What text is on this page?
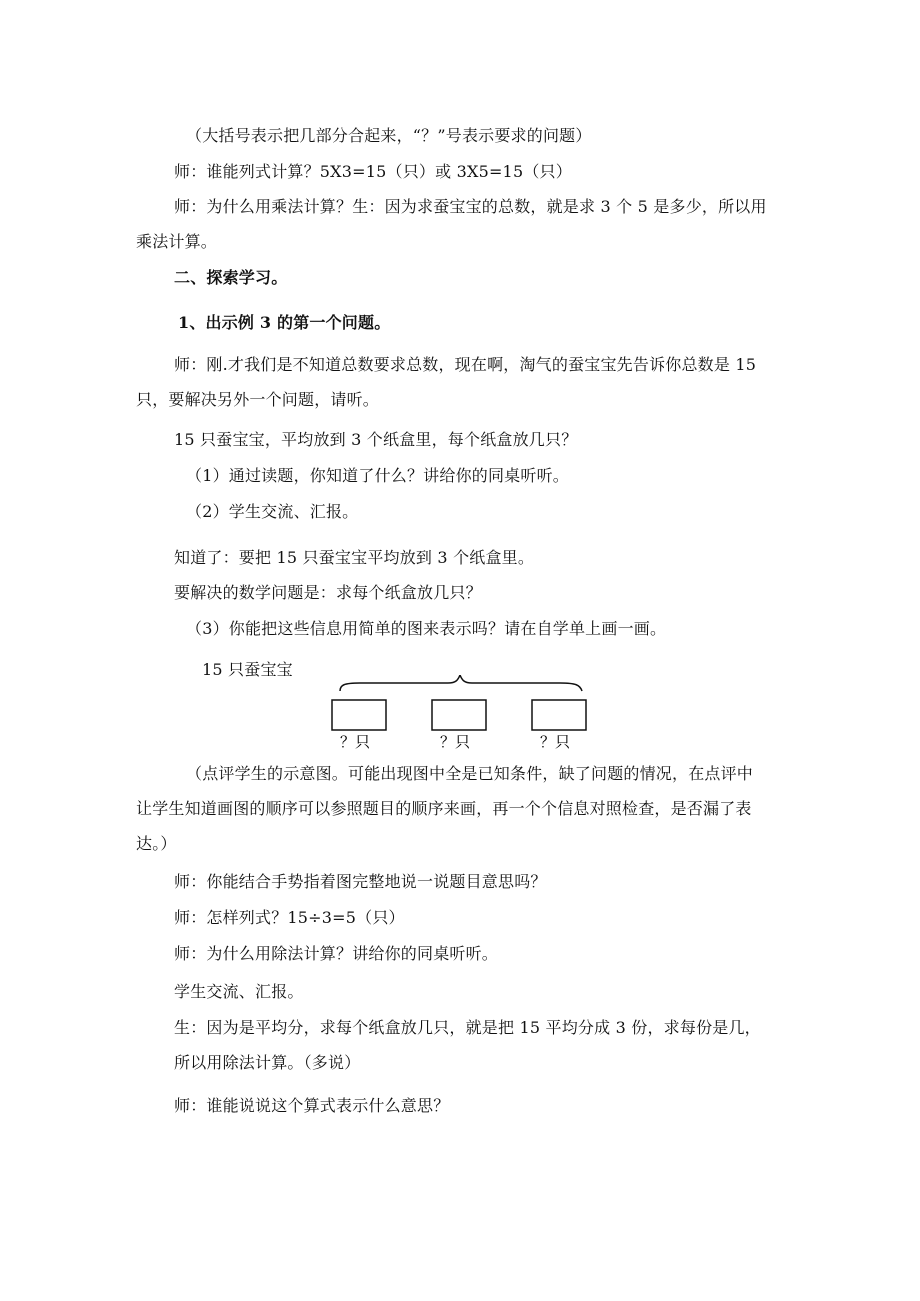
（大括号表示把几部分合起来，“？”号表示要求的问题）
师：谁能列式计算？5X3=15（只）或 3X5=15（只）
师：为什么用乘法计算？生：因为求蚕宝宝的总数，就是求 3 个 5 是多少，所以用
乘法计算。
二、探索学习。
1、出示例 3 的第一个问题。
师：刚.才我们是不知道总数要求总数，现在啊，淘气的蚕宝宝先告诉你总数是 15
只，要解决另外一个问题，请听。
15 只蚕宝宝，平均放到 3 个纸盒里，每个纸盒放几只？
（1）通过读题，你知道了什么？讲给你的同桌听听。
（2）学生交流、汇报。
知道了：要把 15 只蚕宝宝平均放到 3 个纸盒里。
要解决的数学问题是：求每个纸盒放几只？
（3）你能把这些信息用简单的图来表示吗？请在自学单上画一画。
15 只蚕宝宝
？只	？只	？只
（点评学生的示意图。可能出现图中全是已知条件，缺了问题的情况，在点评中
让学生知道画图的顺序可以参照题目的顺序来画，再一个个信息对照检查，是否漏了表
达。）
师：你能结合手势指着图完整地说一说题目意思吗？
师：怎样列式？15÷3=5（只）
师：为什么用除法计算？讲给你的同桌听听。
学生交流、汇报。
生：因为是平均分，求每个纸盒放几只，就是把 15 平均分成 3 份，求每份是几，
所以用除法计算。（多说）
师：谁能说说这个算式表示什么意思？
